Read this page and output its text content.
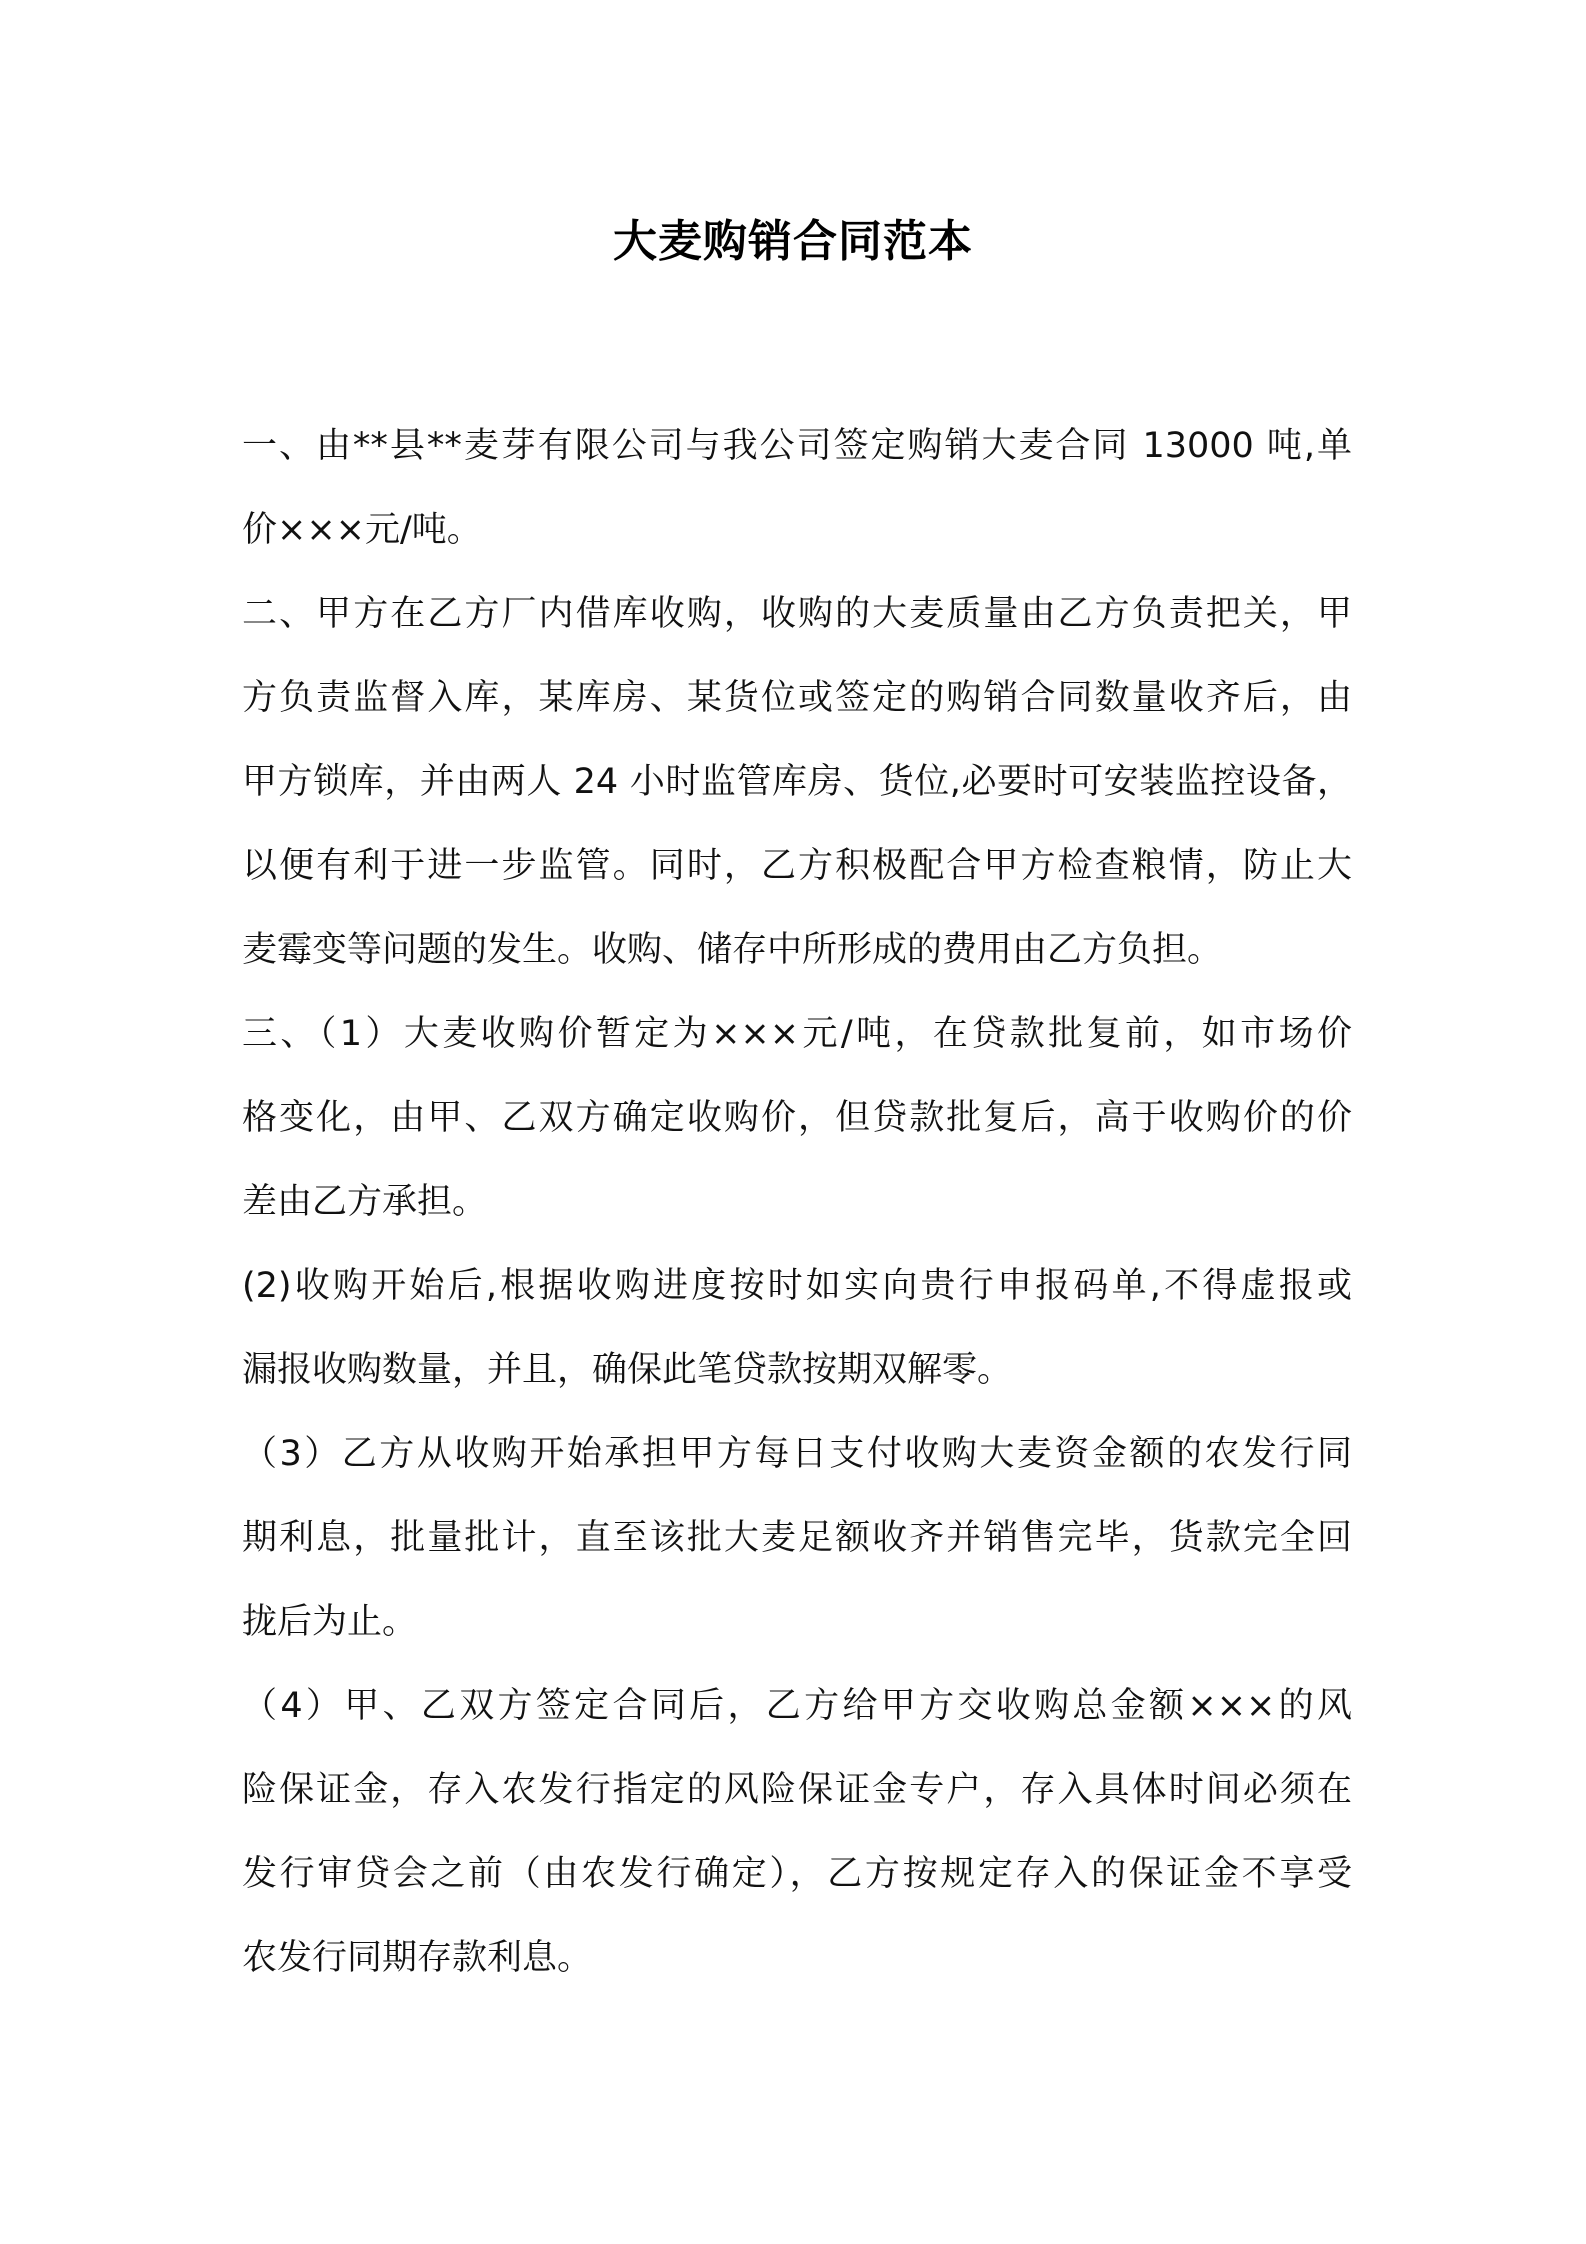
大麦购销合同范本
一、由**县**麦芽有限公司与我公司签定购销大麦合同 13000 吨,单
价×××元/吨。
二、甲方在乙方厂内借库收购，收购的大麦质量由乙方负责把关，甲
方负责监督入库，某库房、某货位或签定的购销合同数量收齐后，由
甲方锁库，并由两人 24 小时监管库房、货位,必要时可安装监控设备，
以便有利于进一步监管。同时，乙方积极配合甲方检查粮情，防止大
麦霉变等问题的发生。收购、储存中所形成的费用由乙方负担。
三、（1）大麦收购价暂定为×××元/吨，在贷款批复前，如市场价
格变化，由甲、乙双方确定收购价，但贷款批复后，高于收购价的价
差由乙方承担。
(2)收购开始后,根据收购进度按时如实向贵行申报码单,不得虚报或
漏报收购数量，并且，确保此笔贷款按期双解零。
（3）乙方从收购开始承担甲方每日支付收购大麦资金额的农发行同
期利息，批量批计，直至该批大麦足额收齐并销售完毕，货款完全回
拢后为止。
（4）甲、乙双方签定合同后，乙方给甲方交收购总金额×××的风
险保证金，存入农发行指定的风险保证金专户，存入具体时间必须在
发行审贷会之前（由农发行确定），乙方按规定存入的保证金不享受
农发行同期存款利息。
